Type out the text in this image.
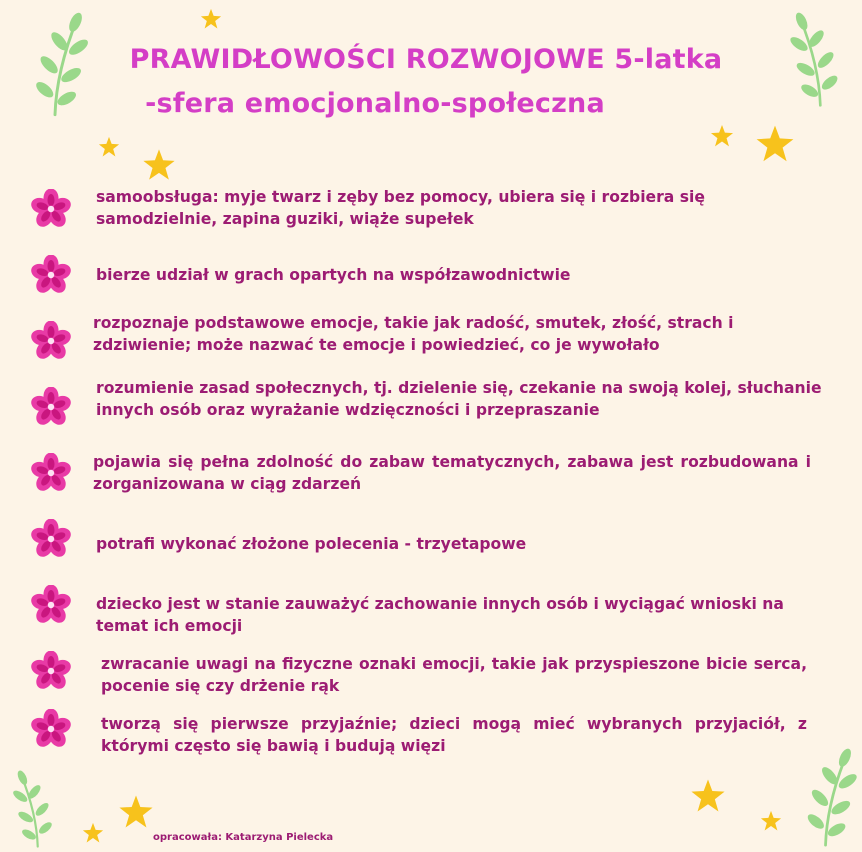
PRAWIDŁOWOŚCI ROZWOJOWE 5-latka
-sfera emocjonalno-społeczna
samoobsługa: myje twarz i zęby bez pomocy, ubiera się i rozbiera się samodzielnie, zapina guziki, wiąże supełek
bierze udział w grach opartych na współzawodnictwie
rozpoznaje podstawowe emocje, takie jak radość, smutek, złość, strach i zdziwienie; może nazwać te emocje i powiedzieć, co je wywołało
rozumienie zasad społecznych, tj. dzielenie się, czekanie na swoją kolej, słuchanie innych osób oraz wyrażanie wdzięczności i przepraszanie
pojawia się pełna zdolność do zabaw tematycznych, zabawa jest rozbudowana i zorganizowana w ciąg zdarzeń
potrafi wykonać złożone polecenia - trzyetapowe
dziecko jest w stanie zauważyć zachowanie innych osób i wyciągać wnioski na temat ich emocji
zwracanie uwagi na fizyczne oznaki emocji, takie jak przyspieszone bicie serca, pocenie się czy drżenie rąk
tworzą się pierwsze przyjaźnie; dzieci mogą mieć wybranych przyjaciół, z którymi często się bawią i budują więzi
opracowała: Katarzyna Pielecka
